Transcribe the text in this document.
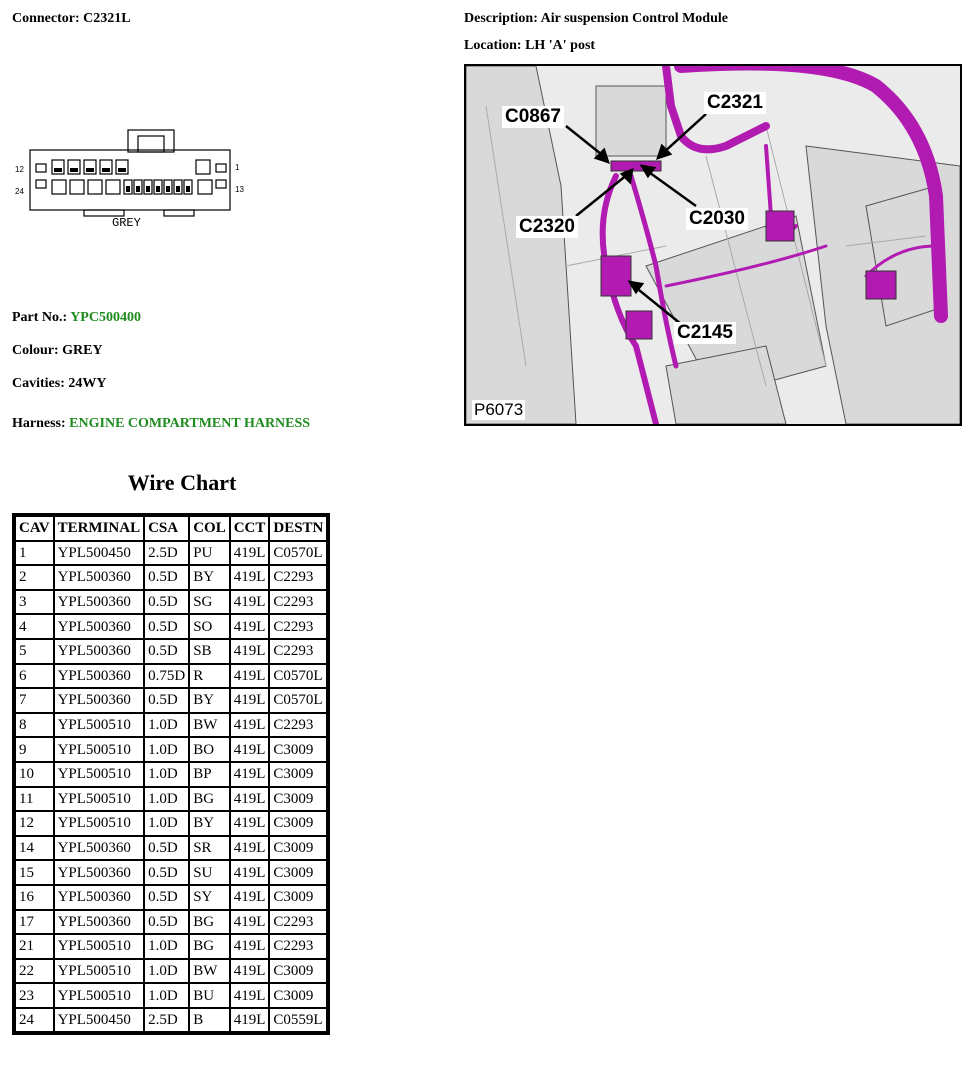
Connector: C2321L	Description: Air suspension Control Module
Location: LH 'A' post
12	1
24	13
GREY
Part No.: YPC500400
Colour: GREY
Cavities: 24WY
Harness: ENGINE COMPARTMENT HARNESS
C0867
C2321
C2320	C2030
C2145
P6073
Wire Chart
CAV	TERMINAL	CSA	COL	CCT	DESTN
1	YPL500450	2.5D	PU	419L	C0570L
2	YPL500360	0.5D	BY	419L	C2293
3	YPL500360	0.5D	SG	419L	C2293
4	YPL500360	0.5D	SO	419L	C2293
5	YPL500360	0.5D	SB	419L	C2293
6	YPL500360	0.75D	R	419L	C0570L
7	YPL500360	0.5D	BY	419L	C0570L
8	YPL500510	1.0D	BW	419L	C2293
9	YPL500510	1.0D	BO	419L	C3009
10	YPL500510	1.0D	BP	419L	C3009
11	YPL500510	1.0D	BG	419L	C3009
12	YPL500510	1.0D	BY	419L	C3009
14	YPL500360	0.5D	SR	419L	C3009
15	YPL500360	0.5D	SU	419L	C3009
16	YPL500360	0.5D	SY	419L	C3009
17	YPL500360	0.5D	BG	419L	C2293
21	YPL500510	1.0D	BG	419L	C2293
22	YPL500510	1.0D	BW	419L	C3009
23	YPL500510	1.0D	BU	419L	C3009
24	YPL500450	2.5D	B	419L	C0559L
